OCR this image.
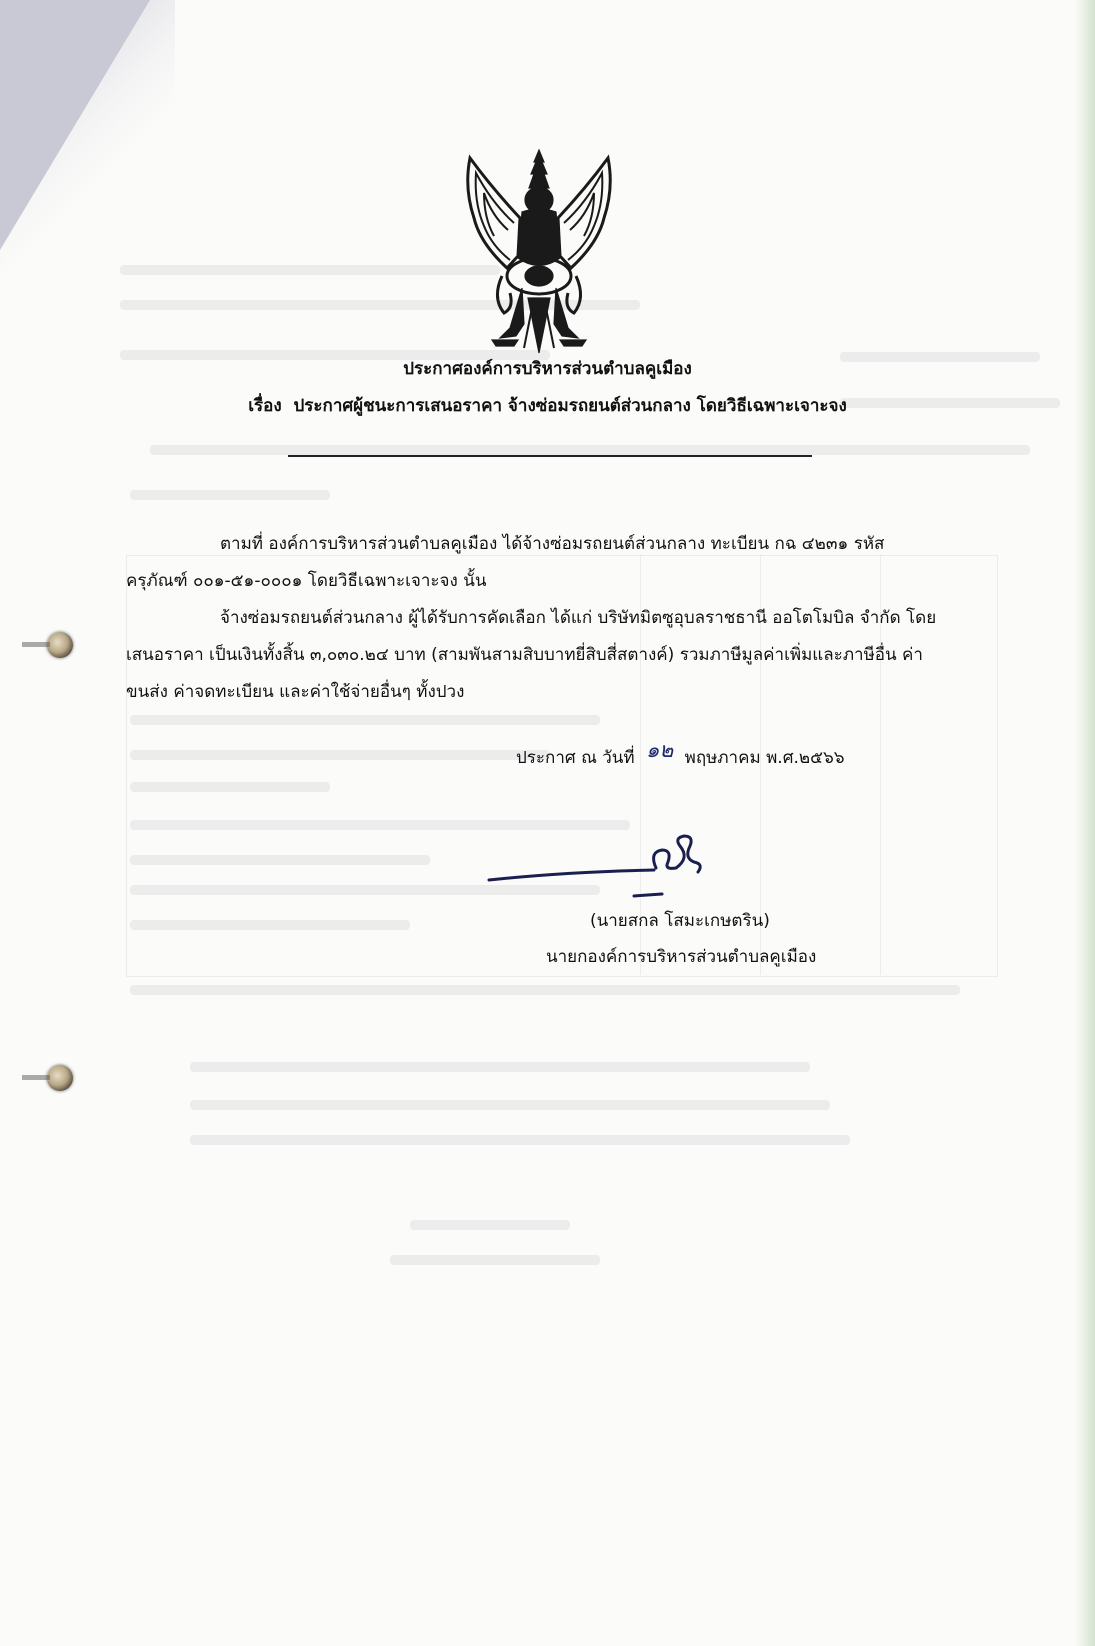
ประกาศองค์การบริหารส่วนตำบลคูเมือง
เรื่อง ประกาศผู้ชนะการเสนอราคา จ้างซ่อมรถยนต์ส่วนกลาง โดยวิธีเฉพาะเจาะจง
ตามที่ องค์การบริหารส่วนตำบลคูเมือง ได้จ้างซ่อมรถยนต์ส่วนกลาง ทะเบียน กฉ ๔๒๓๑ รหัส
ครุภัณฑ์ ๐๐๑-๕๑-๐๐๐๑ โดยวิธีเฉพาะเจาะจง นั้น
จ้างซ่อมรถยนต์ส่วนกลาง ผู้ได้รับการคัดเลือก ได้แก่ บริษัทมิตซูอุบลราชธานี ออโตโมบิล จำกัด โดย
เสนอราคา เป็นเงินทั้งสิ้น ๓,๐๓๐.๒๔ บาท (สามพันสามสิบบาทยี่สิบสี่สตางค์) รวมภาษีมูลค่าเพิ่มและภาษีอื่น ค่า
ขนส่ง ค่าจดทะเบียน และค่าใช้จ่ายอื่นๆ ทั้งปวง
ประกาศ ณ วันที่ ๑๒ พฤษภาคม พ.ศ.๒๕๖๖
(นายสกล โสมะเกษตริน)
นายกองค์การบริหารส่วนตำบลคูเมือง
